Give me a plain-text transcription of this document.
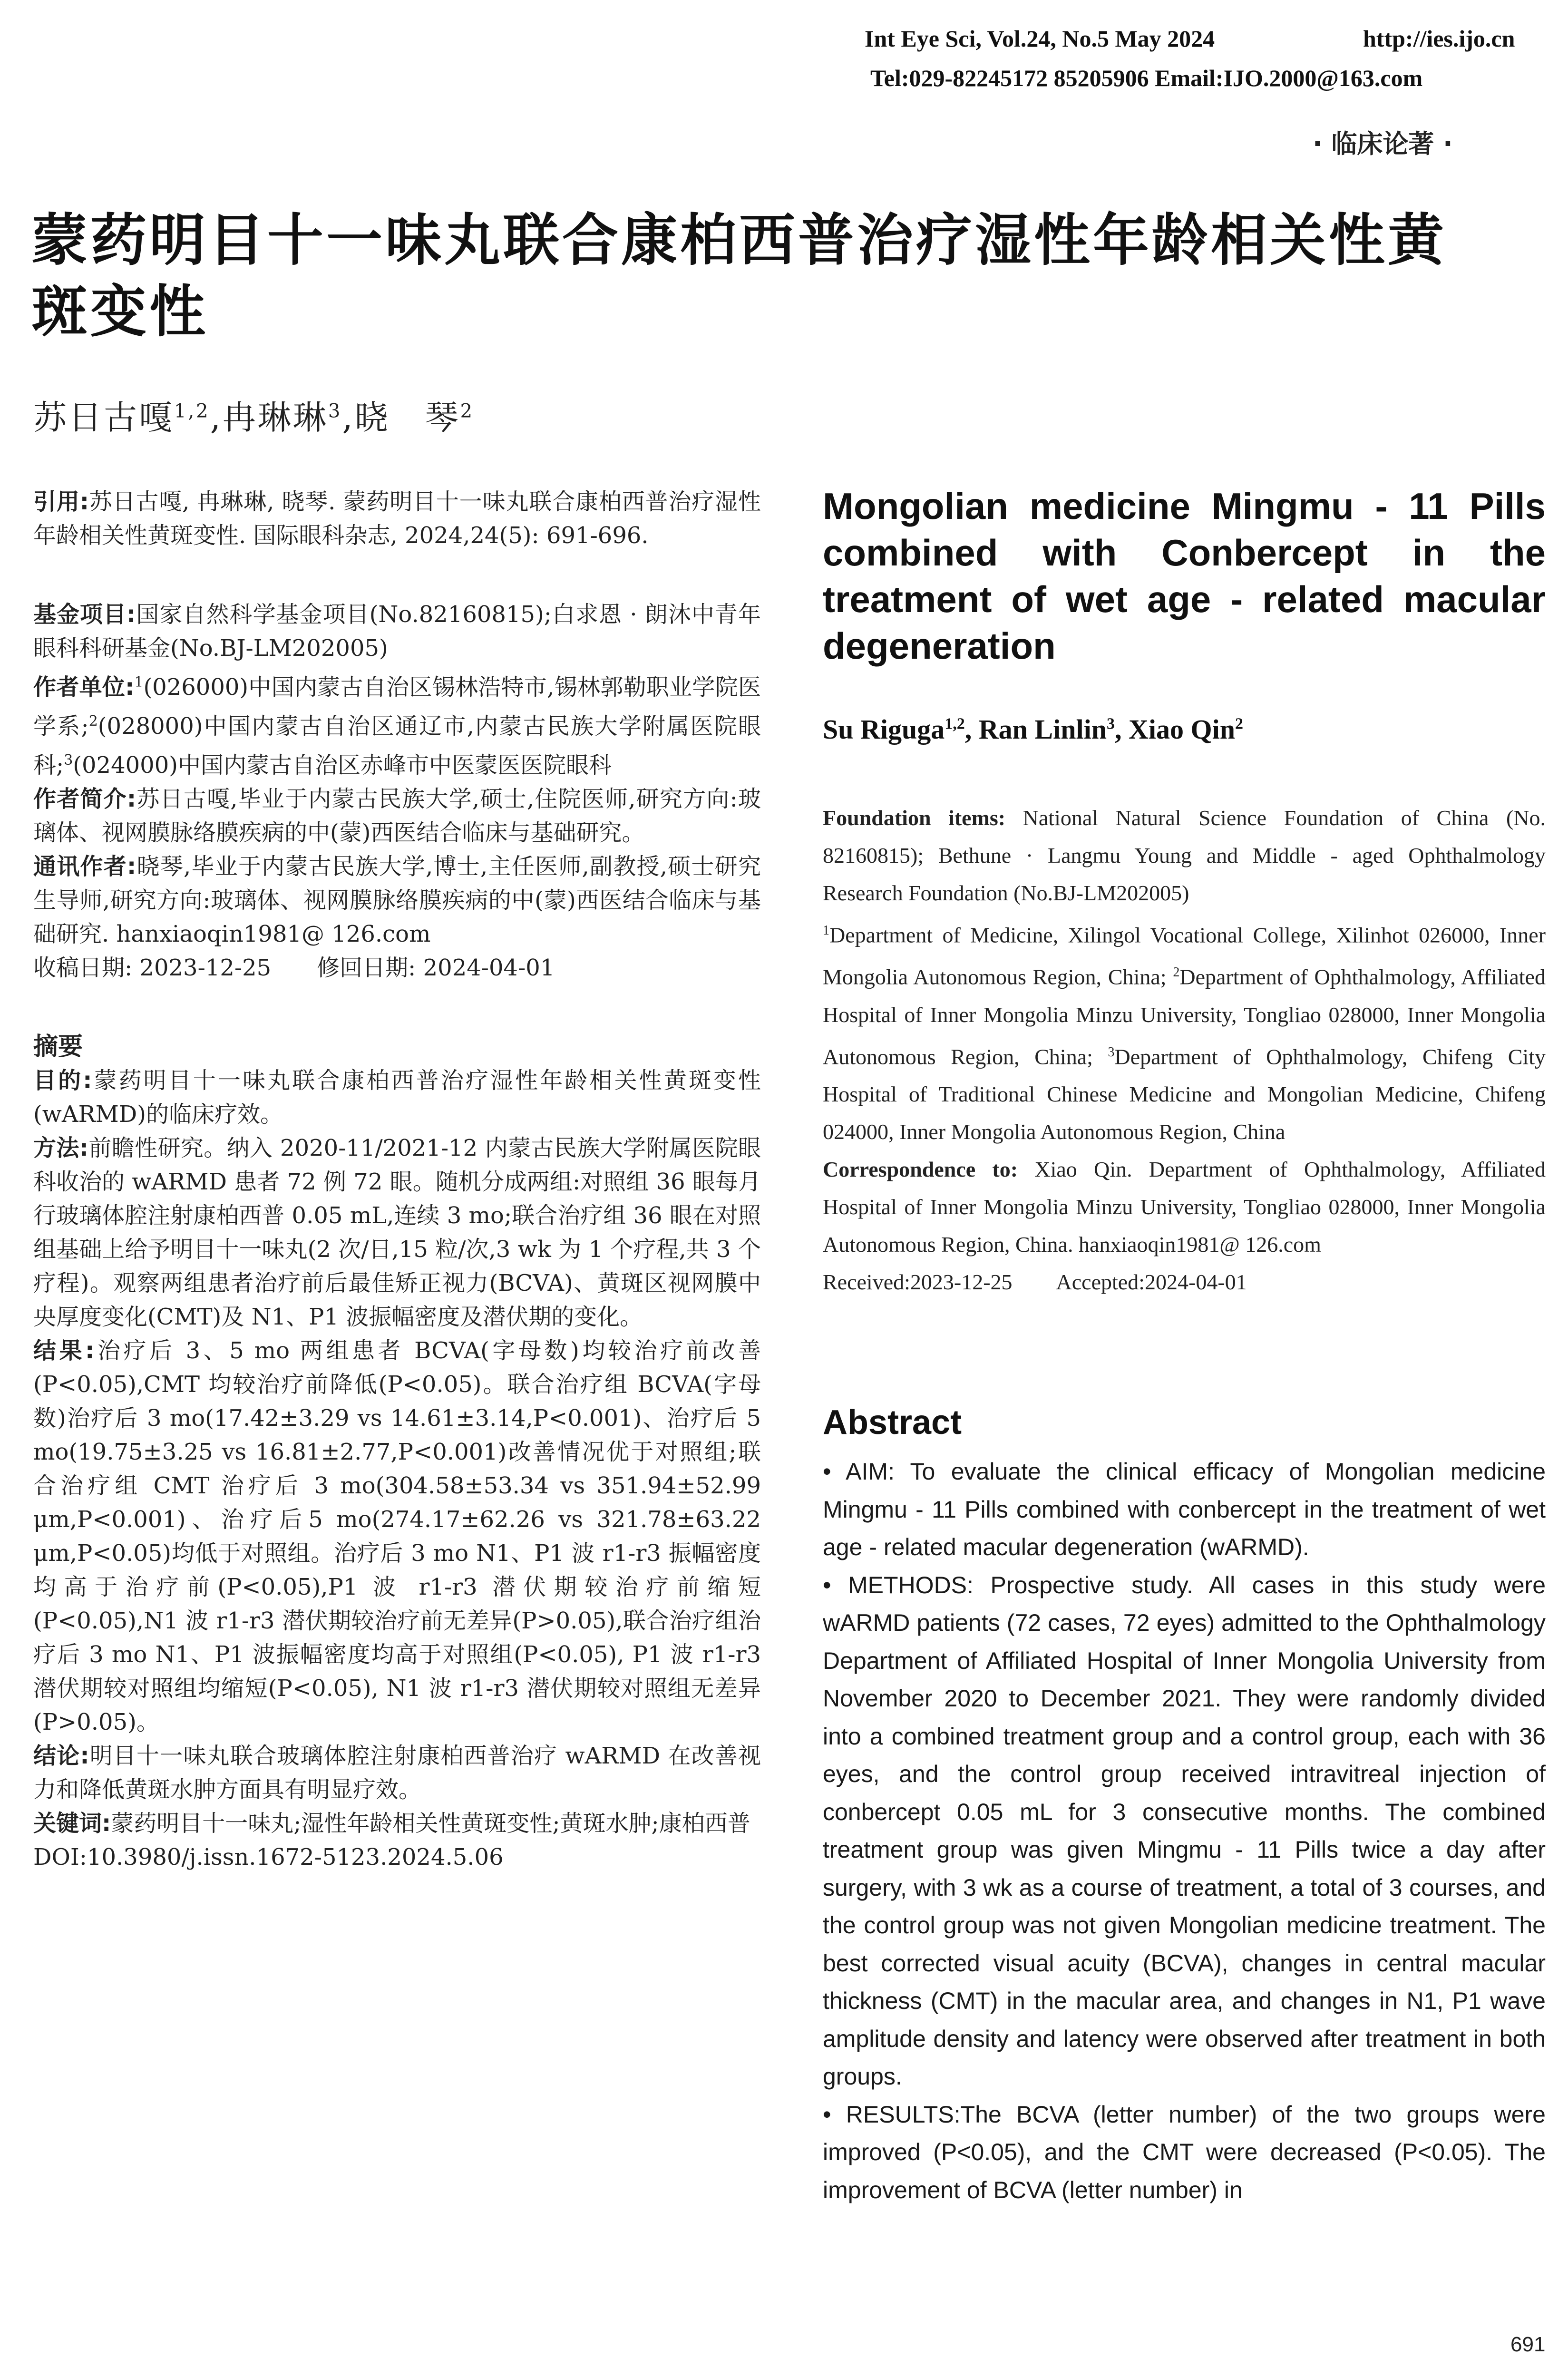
Int Eye Sci, Vol.24, No.5 May 2024	http://ies.ijo.cn
Tel:029-82245172 85205906 Email:IJO.2000@163.com
· 临床论著 ·
蒙药明目十一味丸联合康柏西普治疗湿性年龄相关性黄
斑变性
苏日古嘎$^{1,2}$,冉琳琳$^3$,晓　琴$^2$

引用:苏日古嘎, 冉琳琳, 晓琴. 蒙药明目十一味丸联合康柏西普治疗湿性年龄相关性黄斑变性. 国际眼科杂志, 2024,24(5): 691-696.

基金项目:国家自然科学基金项目(No.82160815);白求恩 · 朗沐中青年眼科科研基金(No.BJ-LM202005)

作者单位:$^1$(026000)中国内蒙古自治区锡林浩特市,锡林郭勒职业学院医学系;$^2$(028000)中国内蒙古自治区通辽市,内蒙古民族大学附属医院眼科;$^3$(024000)中国内蒙古自治区赤峰市中医蒙医医院眼科

作者简介:苏日古嘎,毕业于内蒙古民族大学,硕士,住院医师,研究方向:玻璃体、视网膜脉络膜疾病的中(蒙)西医结合临床与基础研究。

通讯作者:晓琴,毕业于内蒙古民族大学,博士,主任医师,副教授,硕士研究生导师,研究方向:玻璃体、视网膜脉络膜疾病的中(蒙)西医结合临床与基础研究. hanxiaoqin1981@ 126.com

收稿日期: 2023-12-25　　修回日期: 2024-04-01

摘要

目的:蒙药明目十一味丸联合康柏西普治疗湿性年龄相关性黄斑变性(wARMD)的临床疗效。

方法:前瞻性研究。纳入 2020-11/2021-12 内蒙古民族大学附属医院眼科收治的 wARMD 患者 72 例 72 眼。随机分成两组:对照组 36 眼每月行玻璃体腔注射康柏西普 0.05 mL,连续 3 mo;联合治疗组 36 眼在对照组基础上给予明目十一味丸(2 次/日,15 粒/次,3 wk 为 1 个疗程,共 3 个疗程)。观察两组患者治疗前后最佳矫正视力(BCVA)、黄斑区视网膜中央厚度变化(CMT)及 N1、P1 波振幅密度及潜伏期的变化。

结果:治疗后 3、5 mo 两组患者 BCVA(字母数)均较治疗前改善(P<0.05),CMT 均较治疗前降低(P<0.05)。联合治疗组 BCVA(字母数)治疗后 3 mo(17.42±3.29 vs 14.61±3.14,P<0.001)、治疗后 5 mo(19.75±3.25 vs 16.81±2.77,P<0.001)改善情况优于对照组;联合治疗组 CMT 治疗后 3 mo(304.58±53.34 vs 351.94±52.99 μm,P<0.001)、治疗后5 mo(274.17±62.26 vs 321.78±63.22 μm,P<0.05)均低于对照组。治疗后 3 mo N1、P1 波 r1-r3 振幅密度均高于治疗前(P<0.05),P1 波 r1-r3 潜伏期较治疗前缩短(P<0.05),N1 波 r1-r3 潜伏期较治疗前无差异(P>0.05),联合治疗组治疗后 3 mo N1、P1 波振幅密度均高于对照组(P<0.05), P1 波 r1-r3 潜伏期较对照组均缩短(P<0.05), N1 波 r1-r3 潜伏期较对照组无差异(P>0.05)。

结论:明目十一味丸联合玻璃体腔注射康柏西普治疗 wARMD 在改善视力和降低黄斑水肿方面具有明显疗效。

关键词:蒙药明目十一味丸;湿性年龄相关性黄斑变性;黄斑水肿;康柏西普

DOI:10.3980/j.issn.1672-5123.2024.5.06

Mongolian medicine Mingmu - 11 Pills combined with Conbercept in the treatment of wet age - related macular degeneration
Su Riguga$^{1,2}$, Ran Linlin$^3$, Xiao Qin$^2$

Foundation items: National Natural Science Foundation of China (No. 82160815); Bethune · Langmu Young and Middle - aged Ophthalmology Research Foundation (No.BJ-LM202005)

$^1$Department of Medicine, Xilingol Vocational College, Xilinhot 026000, Inner Mongolia Autonomous Region, China; $^2$Department of Ophthalmology, Affiliated Hospital of Inner Mongolia Minzu University, Tongliao 028000, Inner Mongolia Autonomous Region, China; $^3$Department of Ophthalmology, Chifeng City Hospital of Traditional Chinese Medicine and Mongolian Medicine, Chifeng 024000, Inner Mongolia Autonomous Region, China

Correspondence to: Xiao Qin. Department of Ophthalmology, Affiliated Hospital of Inner Mongolia Minzu University, Tongliao 028000, Inner Mongolia Autonomous Region, China. hanxiaoqin1981@ 126.com

Received:2023-12-25　　Accepted:2024-04-01

Abstract

• AIM: To evaluate the clinical efficacy of Mongolian medicine Mingmu - 11 Pills combined with conbercept in the treatment of wet age - related macular degeneration (wARMD).

• METHODS: Prospective study. All cases in this study were wARMD patients (72 cases, 72 eyes) admitted to the Ophthalmology Department of Affiliated Hospital of Inner Mongolia University from November 2020 to December 2021. They were randomly divided into a combined treatment group and a control group, each with 36 eyes, and the control group received intravitreal injection of conbercept 0.05 mL for 3 consecutive months. The combined treatment group was given Mingmu - 11 Pills twice a day after surgery, with 3 wk as a course of treatment, a total of 3 courses, and the control group was not given Mongolian medicine treatment. The best corrected visual acuity (BCVA), changes in central macular thickness (CMT) in the macular area, and changes in N1, P1 wave amplitude density and latency were observed after treatment in both groups.

• RESULTS:The BCVA (letter number) of the two groups were improved (P<0.05), and the CMT were decreased (P<0.05). The improvement of BCVA (letter number) in

691
